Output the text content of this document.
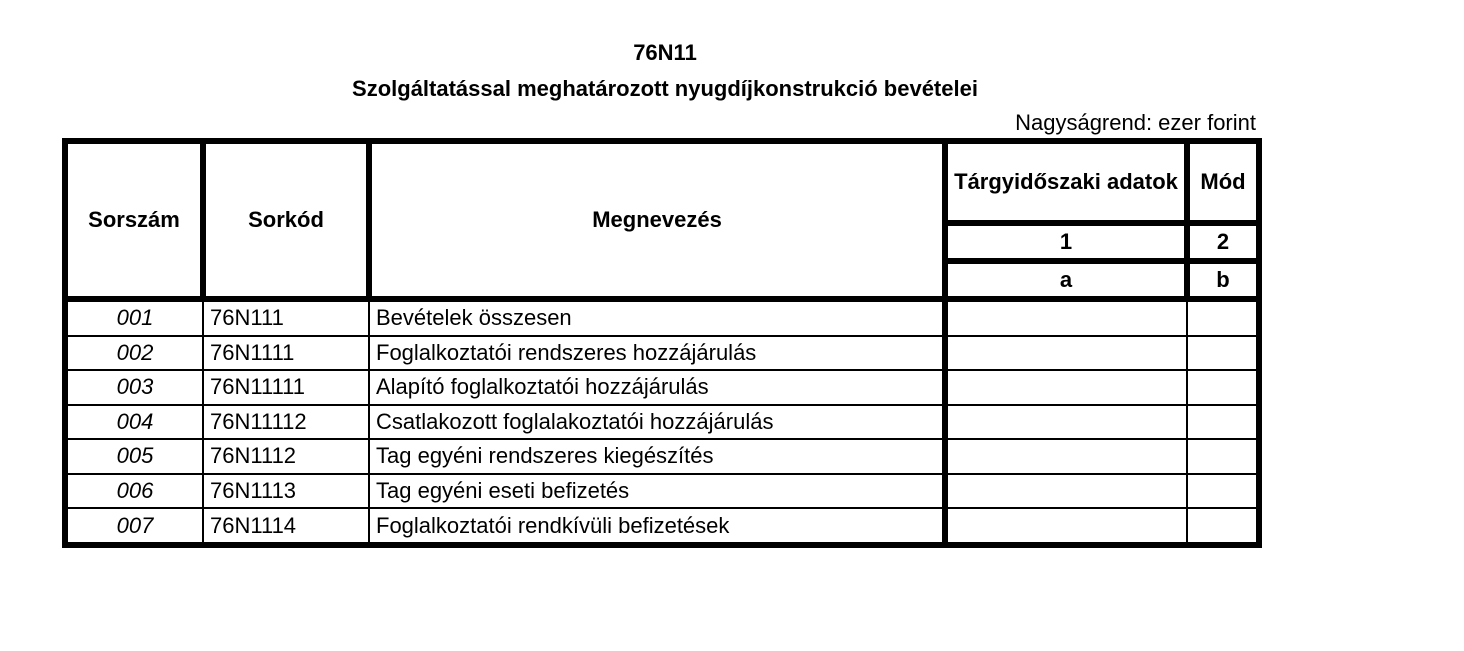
76N11
Szolgáltatással meghatározott nyugdíjkonstrukció bevételei
Nagyságrend: ezer forint
Sorszám	Sorkód	Megnevezés	Tárgyidőszaki adatok	Mód
			1	2
			a	b
001	76N111	Bevételek összesen		
002	76N1111	Foglalkoztatói rendszeres hozzájárulás		
003	76N11111	Alapító foglalkoztatói hozzájárulás		
004	76N11112	Csatlakozott foglalakoztatói hozzájárulás		
005	76N1112	Tag egyéni rendszeres kiegészítés		
006	76N1113	Tag egyéni eseti befizetés		
007	76N1114	Foglalkoztatói rendkívüli befizetések		
